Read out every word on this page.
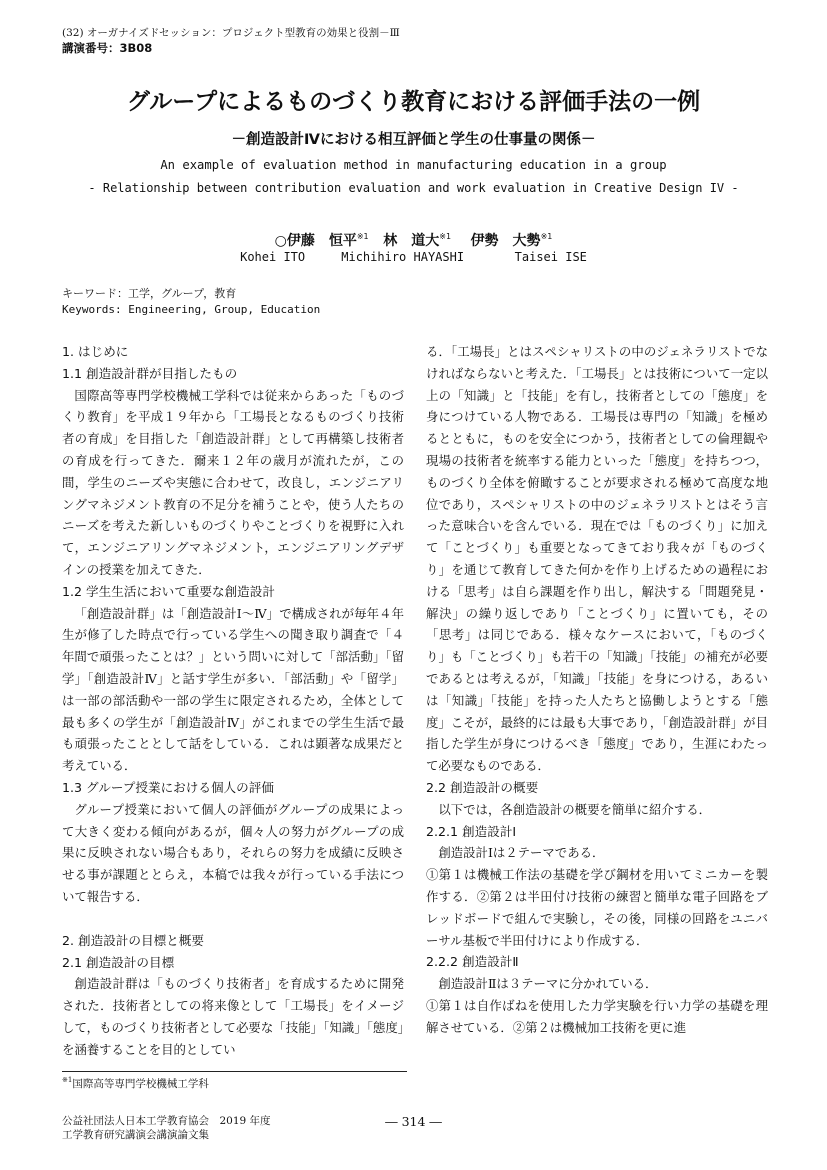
(32) オーガナイズドセッション：プロジェクト型教育の効果と役割－Ⅲ
講演番号：3B08
グループによるものづくり教育における評価手法の一例
－創造設計Ⅳにおける相互評価と学生の仕事量の関係－
An example of evaluation method in manufacturing education in a group
- Relationship between contribution evaluation and work evaluation in Creative Design IV -
○伊藤　恒平$^{※1}$ 林　道大$^{※1}$ 伊勢　大勢$^{※1}$
Kohei ITO     Michihiro HAYASHI       Taisei ISE
キーワード：工学，グループ，教育
Keywords: Engineering, Group, Education

1. はじめに

1.1 創造設計群が目指したもの

国際高等専門学校機械工学科では従来からあった「ものづくり教育」を平成１９年から「工場長となるものづくり技術者の育成」を目指した「創造設計群」として再構築し技術者の育成を行ってきた．爾来１２年の歳月が流れたが，この間，学生のニーズや実態に合わせて，改良し，エンジニアリングマネジメント教育の不足分を補うことや，使う人たちのニーズを考えた新しいものづくりやことづくりを視野に入れて，エンジニアリングマネジメント，エンジニアリングデザインの授業を加えてきた．

1.2 学生生活において重要な創造設計

「創造設計群」は「創造設計Ⅰ～Ⅳ」で構成されが毎年４年生が修了した時点で行っている学生への聞き取り調査で「４年間で頑張ったことは？」という問いに対して「部活動」「留学」「創造設計Ⅳ」と話す学生が多い．「部活動」や「留学」は一部の部活動や一部の学生に限定されるため，全体として最も多くの学生が「創造設計Ⅳ」がこれまでの学生生活で最も頑張ったこととして話をしている．これは顕著な成果だと考えている．

1.3 グループ授業における個人の評価

グループ授業において個人の評価がグループの成果によって大きく変わる傾向があるが，個々人の努力がグループの成果に反映されない場合もあり，それらの努力を成績に反映させる事が課題ととらえ，本稿では我々が行っている手法について報告する．

2. 創造設計の目標と概要

2.1 創造設計の目標

創造設計群は「ものづくり技術者」を育成するために開発された．技術者としての将来像として「工場長」をイメージして，ものづくり技術者として必要な「技能」「知識」「態度」を涵養することを目的としてい

る．「工場長」とはスペシャリストの中のジェネラリストでなければならないと考えた．「工場長」とは技術について一定以上の「知識」と「技能」を有し，技術者としての「態度」を身につけている人物である．工場長は専門の「知識」を極めるとともに，ものを安全につかう，技術者としての倫理観や現場の技術者を統率する能力といった「態度」を持ちつつ，ものづくり全体を俯瞰することが要求される極めて高度な地位であり，スペシャリストの中のジェネラリストとはそう言った意味合いを含んでいる．現在では「ものづくり」に加えて「ことづくり」も重要となってきており我々が「ものづくり」を通じて教育してきた何かを作り上げるための過程における「思考」は自ら課題を作り出し，解決する「問題発見・解決」の繰り返しであり「ことづくり」に置いても，その「思考」は同じである．様々なケースにおいて，「ものづくり」も「ことづくり」も若干の「知識」「技能」の補充が必要であるとは考えるが，「知識」「技能」を身につける，あるいは「知識」「技能」を持った人たちと協働しようとする「態度」こそが，最終的には最も大事であり，「創造設計群」が目指した学生が身につけるべき「態度」であり，生涯にわたって必要なものである．

2.2 創造設計の概要

以下では，各創造設計の概要を簡単に紹介する．

2.2.1 創造設計Ⅰ

創造設計Ⅰは２テーマである．

①第１は機械工作法の基礎を学び鋼材を用いてミニカーを製作する．②第２は半田付け技術の練習と簡単な電子回路をブレッドボードで組んで実験し，その後，同様の回路をユニバーサル基板で半田付けにより作成する．

2.2.2 創造設計Ⅱ

創造設計Ⅱは３テーマに分かれている．

①第１は自作ばねを使用した力学実験を行い力学の基礎を理解させている．②第２は機械加工技術を更に進

$^{※1}$国際高等専門学校機械工学科
公益社団法人日本工学教育協会　2019 年度
工学教育研究講演会講演論文集
― 314 ―
